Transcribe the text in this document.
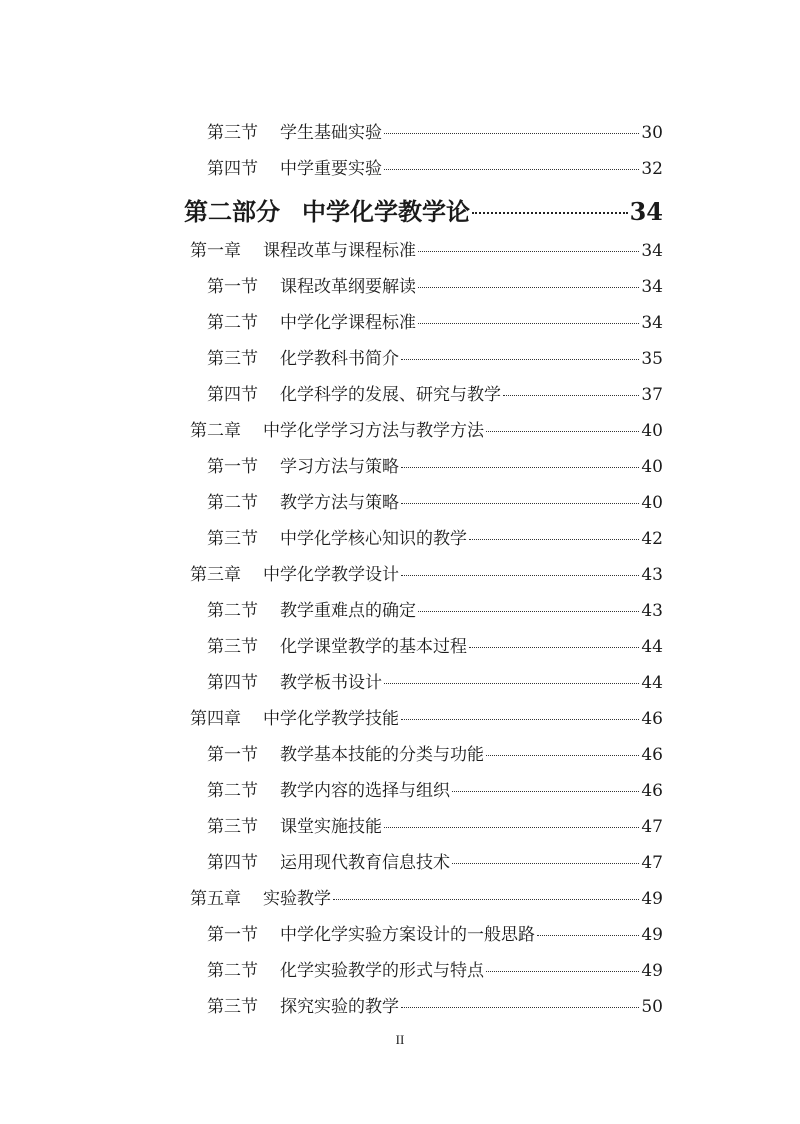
第三节 学生基础实验	30
第四节 中学重要实验	32
第二部分 中学化学教学论	34
第一章 课程改革与课程标准	34
第一节 课程改革纲要解读	34
第二节 中学化学课程标准	34
第三节 化学教科书简介	35
第四节 化学科学的发展、研究与教学	37
第二章 中学化学学习方法与教学方法	40
第一节 学习方法与策略	40
第二节 教学方法与策略	40
第三节 中学化学核心知识的教学	42
第三章 中学化学教学设计	43
第二节 教学重难点的确定	43
第三节 化学课堂教学的基本过程	44
第四节 教学板书设计	44
第四章 中学化学教学技能	46
第一节 教学基本技能的分类与功能	46
第二节 教学内容的选择与组织	46
第三节 课堂实施技能	47
第四节 运用现代教育信息技术	47
第五章 实验教学	49
第一节 中学化学实验方案设计的一般思路	49
第二节 化学实验教学的形式与特点	49
第三节 探究实验的教学	50
II
